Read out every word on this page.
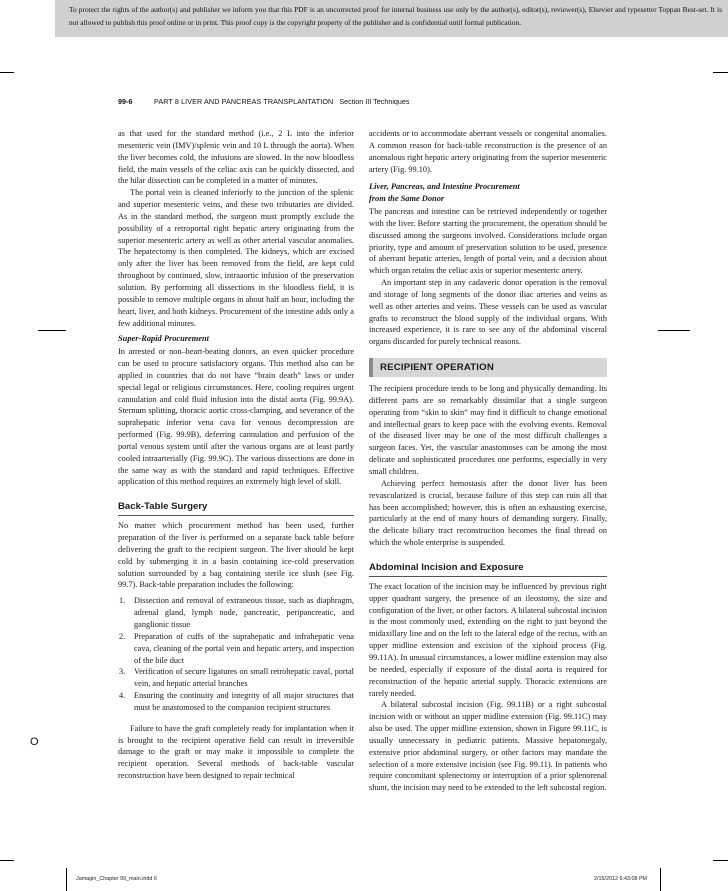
To protect the rights of the author(s) and publisher we inform you that this PDF is an uncorrected proof for internal business use only by the author(s), editor(s), reviewer(s), Elsevier and typesetter Toppan Best-set. It is not allowed to publish this proof online or in print. This proof copy is the copyright property of the publisher and is confidential until formal publication.
99-6	PART 8 LIVER AND PANCREAS TRANSPLANTATION Section III Techniques

as that used for the standard method (i.e., 2 L into the inferior mesenteric vein (IMV)/splenic vein and 10 L through the aorta). When the liver becomes cold, the infusions are slowed. In the now bloodless field, the main vessels of the celiac axis can be quickly dissected, and the hilar dissection can be completed in a matter of minutes.

The portal vein is cleaned inferiorly to the junction of the splenic and superior mesenteric veins, and these two tributaries are divided. As in the standard method, the surgeon must promptly exclude the possibility of a retroportal right hepatic artery originating from the superior mesenteric artery as well as other arterial vascular anomalies. The hepatectomy is then completed. The kidneys, which are excised only after the liver has been removed from the field, are kept cold throughout by continued, slow, intraaortic infusion of the preservation solution. By performing all dissections in the bloodless field, it is possible to remove multiple organs in about half an hour, including the heart, liver, and both kidneys. Procurement of the intestine adds only a few additional minutes.

Super-Rapid Procurement

In arrested or non–heart-beating donors, an even quicker procedure can be used to procure satisfactory organs. This method also can be applied in countries that do not have “brain death” laws or under special legal or religious circumstances. Here, cooling requires urgent cannulation and cold fluid infusion into the distal aorta (Fig. 99.9A). Sternum splitting, thoracic aortic cross-clamping, and severance of the suprahepatic inferior vena cava for venous decompression are performed (Fig. 99.9B), deferring cannulation and perfusion of the portal venous system until after the various organs are at least partly cooled intraarterially (Fig. 99.9C). The various dissections are done in the same way as with the standard and rapid techniques. Effective application of this method requires an extremely high level of skill.

Back-Table Surgery

No matter which procurement method has been used, further preparation of the liver is performed on a separate back table before delivering the graft to the recipient surgeon. The liver should be kept cold by submerging it in a basin containing ice-cold preservation solution surrounded by a bag containing sterile ice slush (see Fig. 99.7). Back-table preparation includes the following:

1. Dissection and removal of extraneous tissue, such as diaphragm, adrenal gland, lymph node, pancreatic, peripancreatic, and ganglionic tissue
2. Preparation of cuffs of the suprahepatic and infrahepatic vena cava, cleaning of the portal vein and hepatic artery, and inspection of the bile duct
3. Verification of secure ligatures on small retrohepatic caval, portal vein, and hepatic arterial branches
4. Ensuring the continuity and integrity of all major structures that must be anastomosed to the companion recipient structures

Failure to have the graft completely ready for implantation when it is brought to the recipient operative field can result in irreversible damage to the graft or may make it impossible to complete the recipient operation. Several methods of back-table vascular reconstruction have been designed to repair technical

accidents or to accommodate aberrant vessels or congenital anomalies. A common reason for back-table reconstruction is the presence of an anomalous right hepatic artery originating from the superior mesenteric artery (Fig. 99.10).

Liver, Pancreas, and Intestine Procurement
from the Same Donor

The pancreas and intestine can be retrieved independently or together with the liver. Before starting the procurement, the operation should be discussed among the surgeons involved. Considerations include organ priority, type and amount of preservation solution to be used, presence of aberrant hepatic arteries, length of portal vein, and a decision about which organ retains the celiac axis or superior mesenteric artery.

An important step in any cadaveric donor operation is the removal and storage of long segments of the donor iliac arteries and veins as well as other arteries and veins. These vessels can be used as vascular grafts to reconstruct the blood supply of the individual organs. With increased experience, it is rare to see any of the abdominal visceral organs discarded for purely technical reasons.

RECIPIENT OPERATION

The recipient procedure tends to be long and physically demanding. Its different parts are so remarkably dissimilar that a single surgeon operating from “skin to skin” may find it difficult to change emotional and intellectual gears to keep pace with the evolving events. Removal of the diseased liver may be one of the most difficult challenges a surgeon faces. Yet, the vascular anastomoses can be among the most delicate and sophisticated procedures one performs, especially in very small children.

Achieving perfect hemostasis after the donor liver has been revascularized is crucial, because failure of this step can ruin all that has been accomplished; however, this is often an exhausting exercise, particularly at the end of many hours of demanding surgery. Finally, the delicate biliary tract reconstruction becomes the final thread on which the whole enterprise is suspended.

Abdominal Incision and Exposure

The exact location of the incision may be influenced by previous right upper quadrant surgery, the presence of an ileostomy, the size and configuration of the liver, or other factors. A bilateral subcostal incision is the most commonly used, extending on the right to just beyond the midaxillary line and on the left to the lateral edge of the rectus, with an upper midline extension and excision of the xiphoid process (Fig. 99.11A). In unusual circumstances, a lower midline extension may also be needed, especially if exposure of the distal aorta is required for reconstruction of the hepatic arterial supply. Thoracic extensions are rarely needed.

A bilateral subcostal incision (Fig. 99.11B) or a right subcostal incision with or without an upper midline extension (Fig. 99.11C) may also be used. The upper midline extension, shown in Figure 99.11C, is usually unnecessary in pediatric patients. Massive hepatomegaly, extensive prior abdominal surgery, or other factors may mandate the selection of a more extensive incision (see Fig. 99.11). In patients who require concomitant splenectomy or interruption of a prior splenorenal shunt, the incision may need to be extended to the left subcostal region.

O
Jamagin_Chapter 99_main.indd 6	2/15/2012 6:43:08 PM
